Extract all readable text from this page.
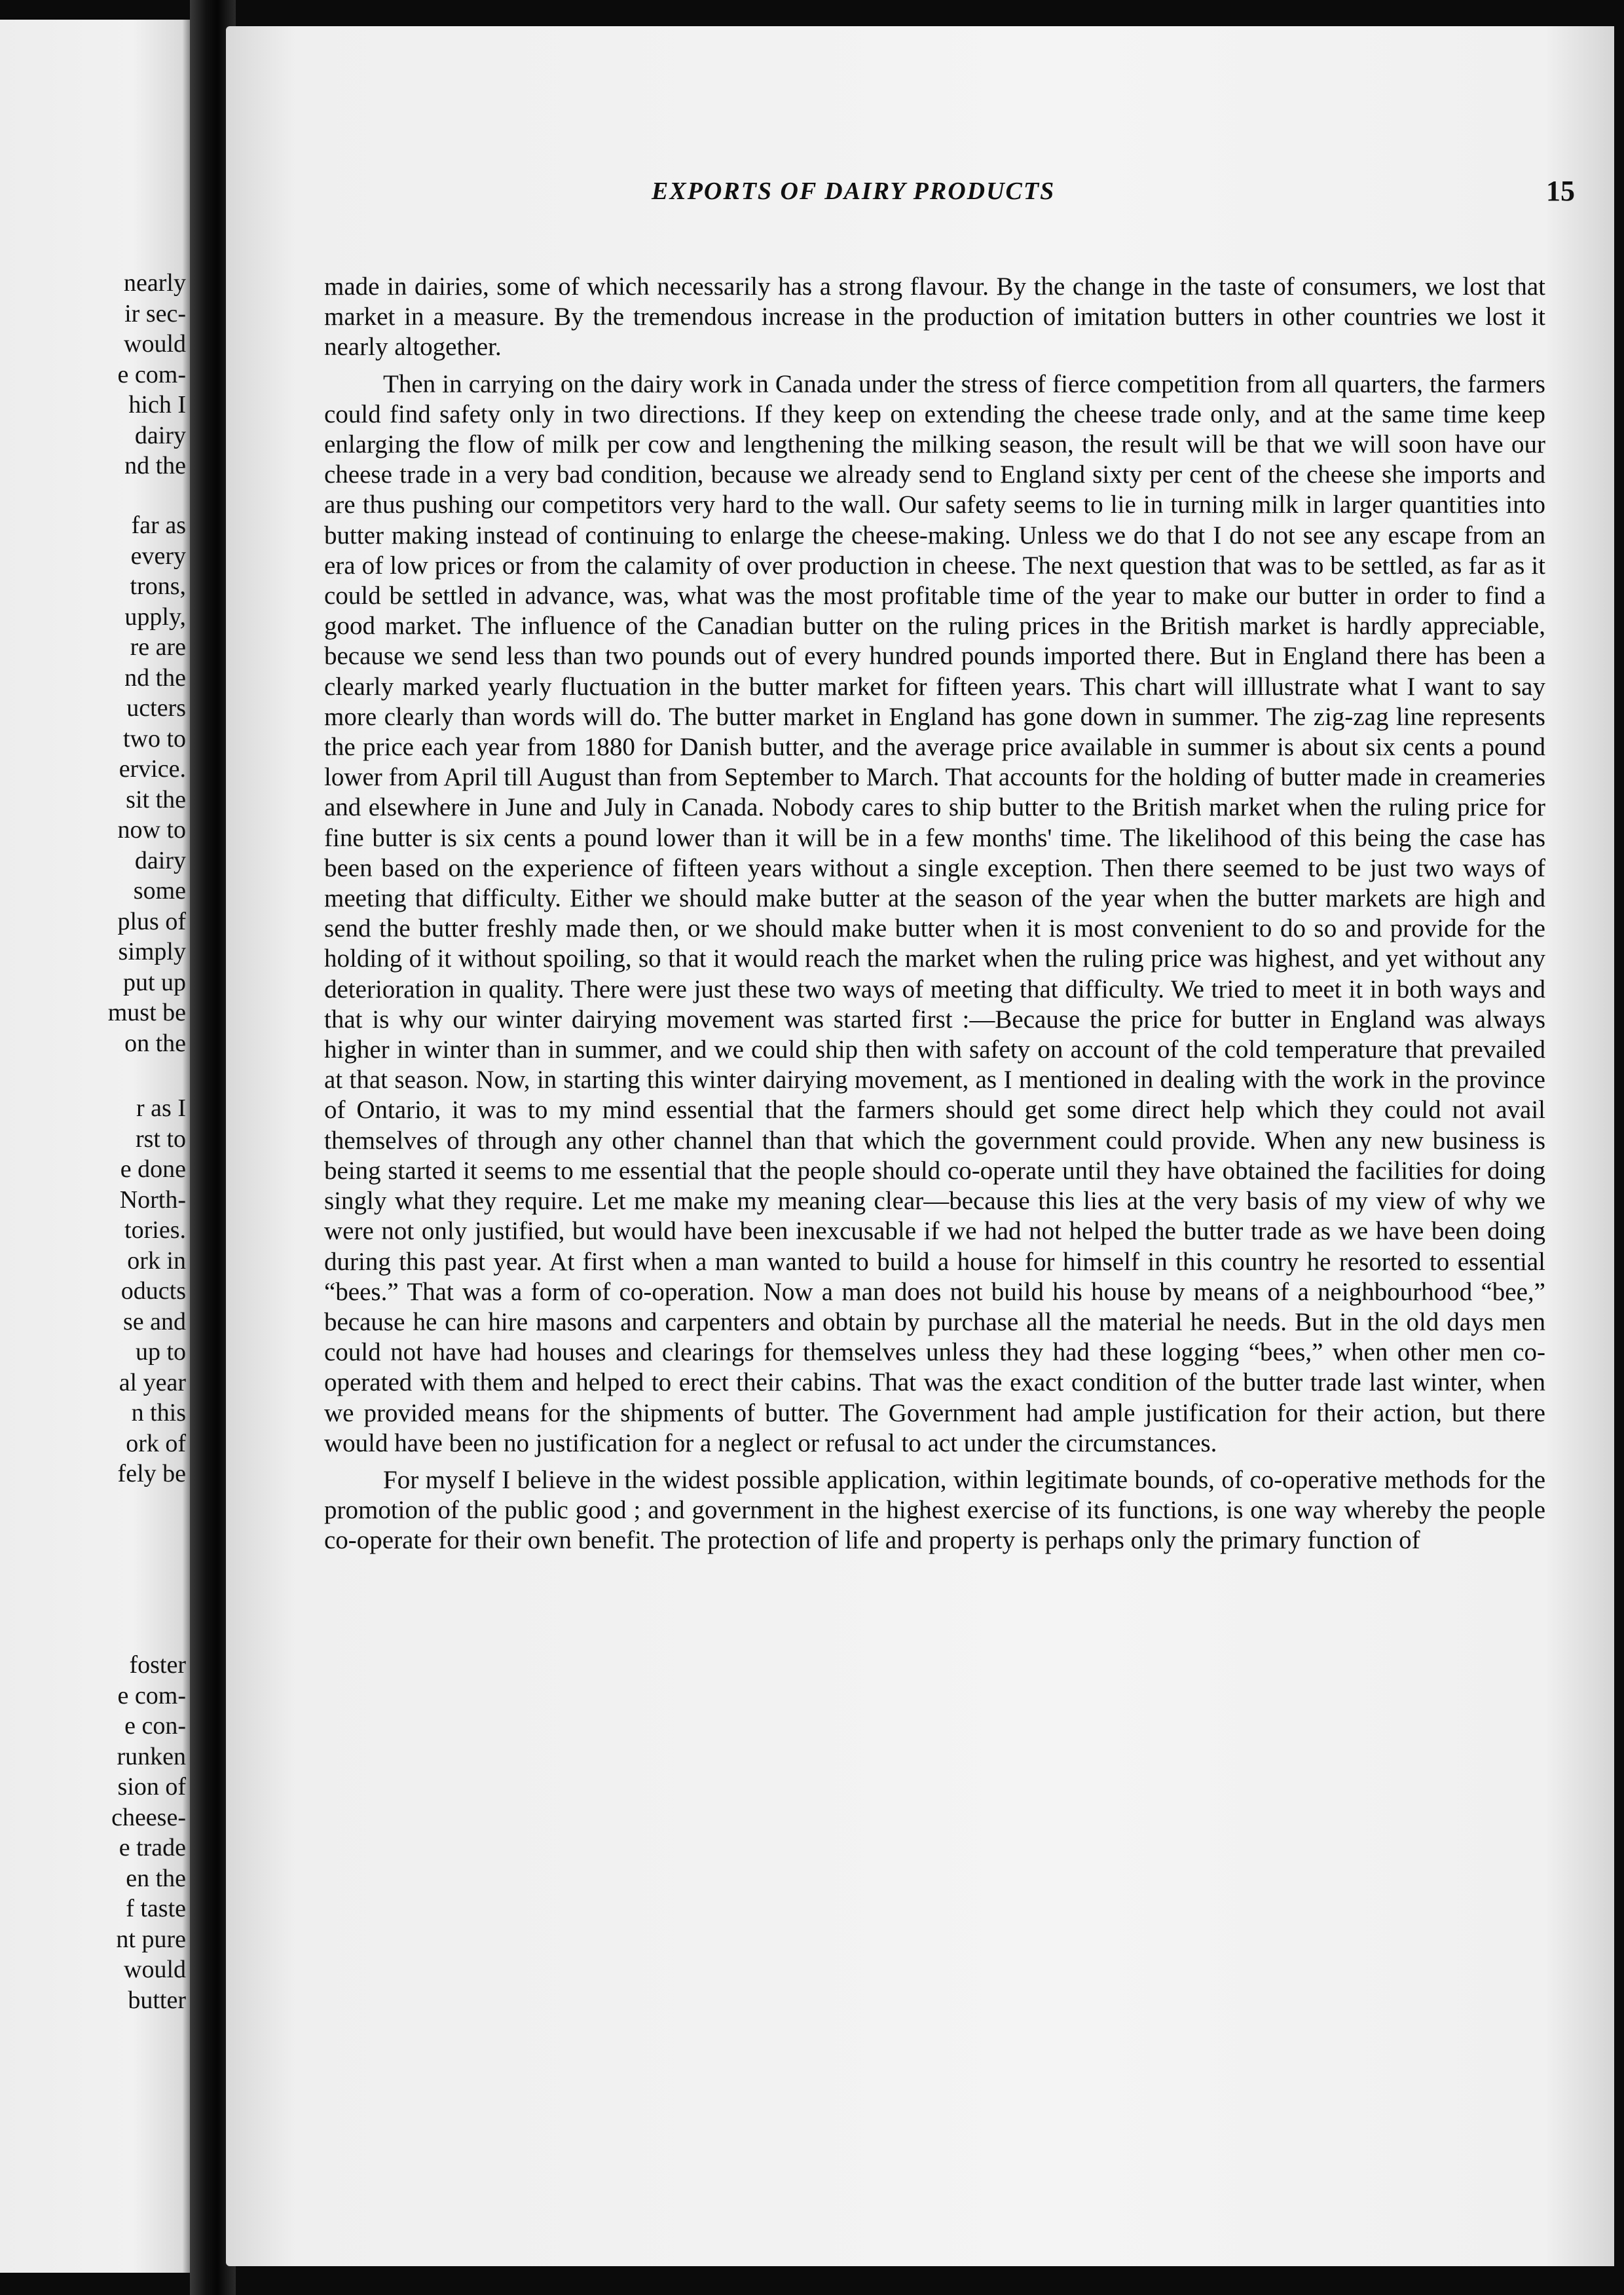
nearly
ir sec-
would
e com-
hich I
dairy
nd the
far as
every
trons,
upply,
re are
nd the
ucters
two to
ervice.
sit the
now to
dairy
some
plus of
simply
put up
must be
on the
r as I
rst to
e done
North-
tories.
ork in
oducts
se and
up to
al year
n this
ork of
fely be
foster
e com-
e con-
runken
sion of
cheese-
e trade
en the
f taste
nt pure
would
butter
EXPORTS OF DAIRY PRODUCTS	15

made in dairies, some of which necessarily has a strong flavour. By the change in the taste of consumers, we lost that market in a measure. By the tremendous increase in the production of imitation butters in other countries we lost it nearly altogether.

Then in carrying on the dairy work in Canada under the stress of fierce competition from all quarters, the farmers could find safety only in two directions. If they keep on extending the cheese trade only, and at the same time keep enlarging the flow of milk per cow and lengthening the milking season, the result will be that we will soon have our cheese trade in a very bad condition, because we already send to England sixty per cent of the cheese she imports and are thus pushing our competitors very hard to the wall. Our safety seems to lie in turning milk in larger quantities into butter making instead of continuing to enlarge the cheese-making. Unless we do that I do not see any escape from an era of low prices or from the calamity of over production in cheese. The next question that was to be settled, as far as it could be settled in advance, was, what was the most profitable time of the year to make our butter in order to find a good market. The influence of the Canadian butter on the ruling prices in the British market is hardly appreciable, because we send less than two pounds out of every hundred pounds imported there. But in England there has been a clearly marked yearly fluctuation in the butter market for fifteen years. This chart will illlustrate what I want to say more clearly than words will do. The butter market in England has gone down in summer. The zig-zag line represents the price each year from 1880 for Danish butter, and the average price available in summer is about six cents a pound lower from April till August than from September to March. That accounts for the holding of butter made in creameries and elsewhere in June and July in Canada. Nobody cares to ship butter to the British market when the ruling price for fine butter is six cents a pound lower than it will be in a few months' time. The likelihood of this being the case has been based on the experience of fifteen years without a single exception. Then there seemed to be just two ways of meeting that difficulty. Either we should make butter at the season of the year when the butter markets are high and send the butter freshly made then, or we should make butter when it is most convenient to do so and provide for the holding of it without spoiling, so that it would reach the market when the ruling price was highest, and yet without any deterioration in quality. There were just these two ways of meeting that difficulty. We tried to meet it in both ways and that is why our winter dairying movement was started first :—Because the price for butter in England was always higher in winter than in summer, and we could ship then with safety on account of the cold temperature that prevailed at that season. Now, in starting this winter dairying movement, as I mentioned in dealing with the work in the province of Ontario, it was to my mind essential that the farmers should get some direct help which they could not avail themselves of through any other channel than that which the government could provide. When any new business is being started it seems to me essential that the people should co-operate until they have obtained the facilities for doing singly what they require. Let me make my meaning clear—because this lies at the very basis of my view of why we were not only justified, but would have been inexcusable if we had not helped the butter trade as we have been doing during this past year. At first when a man wanted to build a house for himself in this country he resorted to essential “bees.” That was a form of co-operation. Now a man does not build his house by means of a neighbourhood “bee,” because he can hire masons and carpenters and obtain by purchase all the material he needs. But in the old days men could not have had houses and clearings for themselves unless they had these logging “bees,” when other men co-operated with them and helped to erect their cabins. That was the exact condition of the butter trade last winter, when we provided means for the shipments of butter. The Government had ample justification for their action, but there would have been no justification for a neglect or refusal to act under the circumstances.

For myself I believe in the widest possible application, within legitimate bounds, of co-operative methods for the promotion of the public good ; and government in the highest exercise of its functions, is one way whereby the people co-operate for their own benefit. The protection of life and property is perhaps only the primary function of
